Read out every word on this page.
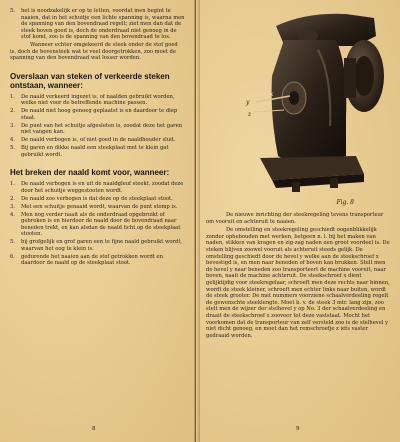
5. het is noodzakelijk er op te letten, voordat men begint te naaien, dat in het schuitje een lichte spanning is, waarna men de spanning van den bovendraad regelt; ziet men dan dat de steek boven goed is, doch de onderdraad niet genoeg in de stof komt, zoo is de spanning van den bovendraad te los.

Wanneer echter omgekeerd de steek onder de stof goed is, doch de bovensteek wat te veel doorgetrokken, zoo moet de spanning van den bovendraad wat losser worden.

Overslaan van steken of verkeerde steken ontstaan, wanneer:
1. De naald verkeerd ingezet is, of naalden gebruikt worden, welke niet voor de betreffende machine passen.
2. De naald niet hoog genoeg geplaatst is en daardoor te diep staat.
3. De punt van het schuitje afgesleten is, zoodat deze het garen niet vangen kan.
4. De naald verbogen is, of niet goed in de naaldhouder sluit.
5. Bij garen en dikke naald een steekplaat met te klein gat gebruikt wordt.
Het breken der naald komt voor, wanneer:
1. De naald verbogen is en uit de naaldgleuf steekt, zoodat deze door het schuitje weggestooten wordt.
2. De naald zoo verbogen is dat deze op de steekplaat stoot.
3. Met een schuitje genaaid wordt, waarvan de punt stomp is.
4. Men nog verder naait als de onderdraad opgebruikt of gebroken is en hierdoor de naald door de bovendraad naar beneden trekt, en kan alsdan de naald licht op de steekplaat stooten.
5. bij grofgelijk en grof garen een te fijne naald gebruikt wordt, waarvan het oog te klein is.
6. gedurende het naaien aan de stof getrokken wordt en daardoor de naald op de steekplaat stoot.
8
y
z
x
Fig. 8

De nieuwe inrichting der steekregeling tevens transporteur om vooruit en achteruit te naaien.

De omstelling en steekregeling geschiedt oogenblikkelijk zonder ophebouden met werken, betgeen n. l. bij het maken van naden, stikken van kragen en zig-zag naden een groot voordeel is. De steken blijven zoowel vooruit als achteruit steeds gelijk. De omstelling geschiedt door de hevel y welke aan de steekschroef x bevestigd is, en men naar beneden of boven kan brukken. Stelt men de hevel y naar beneden zoo transporteert de machine vooruit, naar boven, naait de machine achteruit. De steekschroef x dient gelijktijdig voor steekregelaar, schroeft men deze rechts naar binnen, wordt de steek kleiner, schroeft men echter links naar buiten, wordt de steek grooter. De met nummers voorziene schaalverdeeling regelt de gewenschte steeklengte. Moet b. v. de steek 3 mtr. lang zijn, zoo stelt men de wijzer der stelhevel y op No. 3 der schaalverdeeling en draait de steekschroef x zooveer tot deze vaststaat. Mocht het voorkomen dat de transporteur van zelf versteld zoo is de stelhevel y niet dicht genoeg, en moet dan het remschroefje z iets vaster gedraaid worden.

9
